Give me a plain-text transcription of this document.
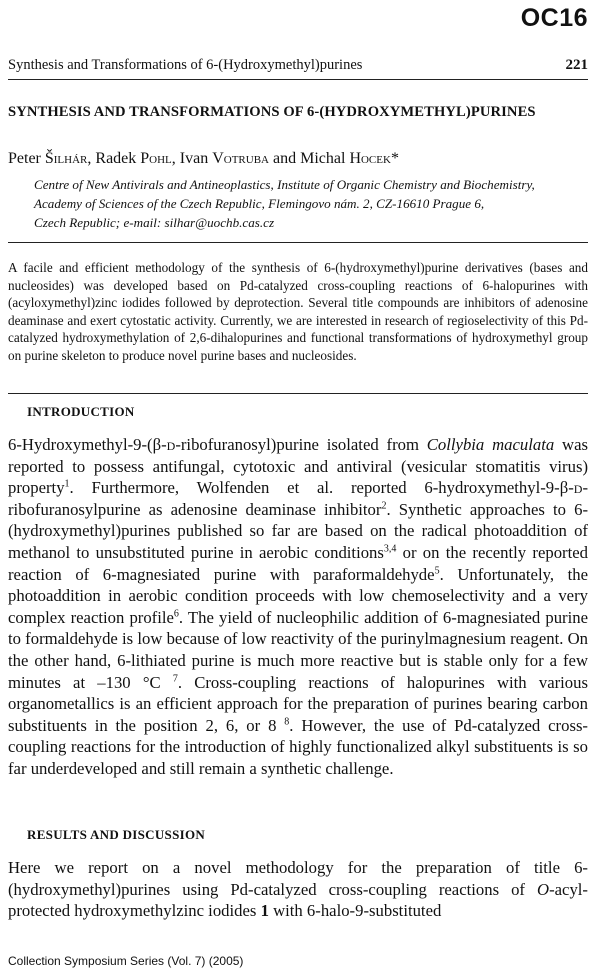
OC16
Synthesis and Transformations of 6-(Hydroxymethyl)purines	221
SYNTHESIS AND TRANSFORMATIONS OF 6-(HYDROXYMETHYL)PURINES
Peter Šilhár, Radek Pohl, Ivan Votruba and Michal Hocek*
Centre of New Antivirals and Antineoplastics, Institute of Organic Chemistry and Biochemistry,
Academy of Sciences of the Czech Republic, Flemingovo nám. 2, CZ-16610 Prague 6,
Czech Republic; e-mail: silhar@uochb.cas.cz
A facile and efficient methodology of the synthesis of 6-(hydroxymethyl)purine derivatives (bases and nucleosides) was developed based on Pd-catalyzed cross-coupling reactions of 6-halopurines with (acyloxymethyl)zinc iodides followed by deprotection. Several title compounds are inhibitors of adenosine deaminase and exert cytostatic activity. Currently, we are interested in research of regioselectivity of this Pd-catalyzed hydroxymethylation of 2,6-dihalopurines and functional transformations of hydroxymethyl group on purine skeleton to produce novel purine bases and nucleosides.
INTRODUCTION
6-Hydroxymethyl-9-(β-d-ribofuranosyl)purine isolated from Collybia maculata was reported to possess antifungal, cytotoxic and antiviral (vesicular stomatitis virus) property$^1$. Furthermore, Wolfenden et al. reported 6-hydroxymethyl-9-β-d-ribofuranosylpurine as adenosine deaminase inhibitor$^2$. Synthetic approaches to 6-(hydroxymethyl)purines published so far are based on the radical photoaddition of methanol to unsubstituted purine in aerobic conditions$^{3,4}$ or on the recently reported reaction of 6-magnesiated purine with paraformaldehyde$^5$. Unfortunately, the photoaddition in aerobic condition proceeds with low chemoselectivity and a very complex reaction profile$^6$. The yield of nucleophilic addition of 6-magnesiated purine to formaldehyde is low because of low reactivity of the purinylmagnesium reagent. On the other hand, 6-lithiated purine is much more reactive but is stable only for a few minutes at –130 °C $^7$. Cross-coupling reactions of halopurines with various organometallics is an efficient approach for the preparation of purines bearing carbon substituents in the position 2, 6, or 8 $^8$. However, the use of Pd-catalyzed cross-coupling reactions for the introduction of highly functionalized alkyl substituents is so far underdeveloped and still remain a synthetic challenge.
RESULTS AND DISCUSSION
Here we report on a novel methodology for the preparation of title 6-(hydroxymethyl)purines using Pd-catalyzed cross-coupling reactions of O-acyl-protected hydroxymethylzinc iodides 1 with 6-halo-9-substituted
Collection Symposium Series (Vol. 7) (2005)
